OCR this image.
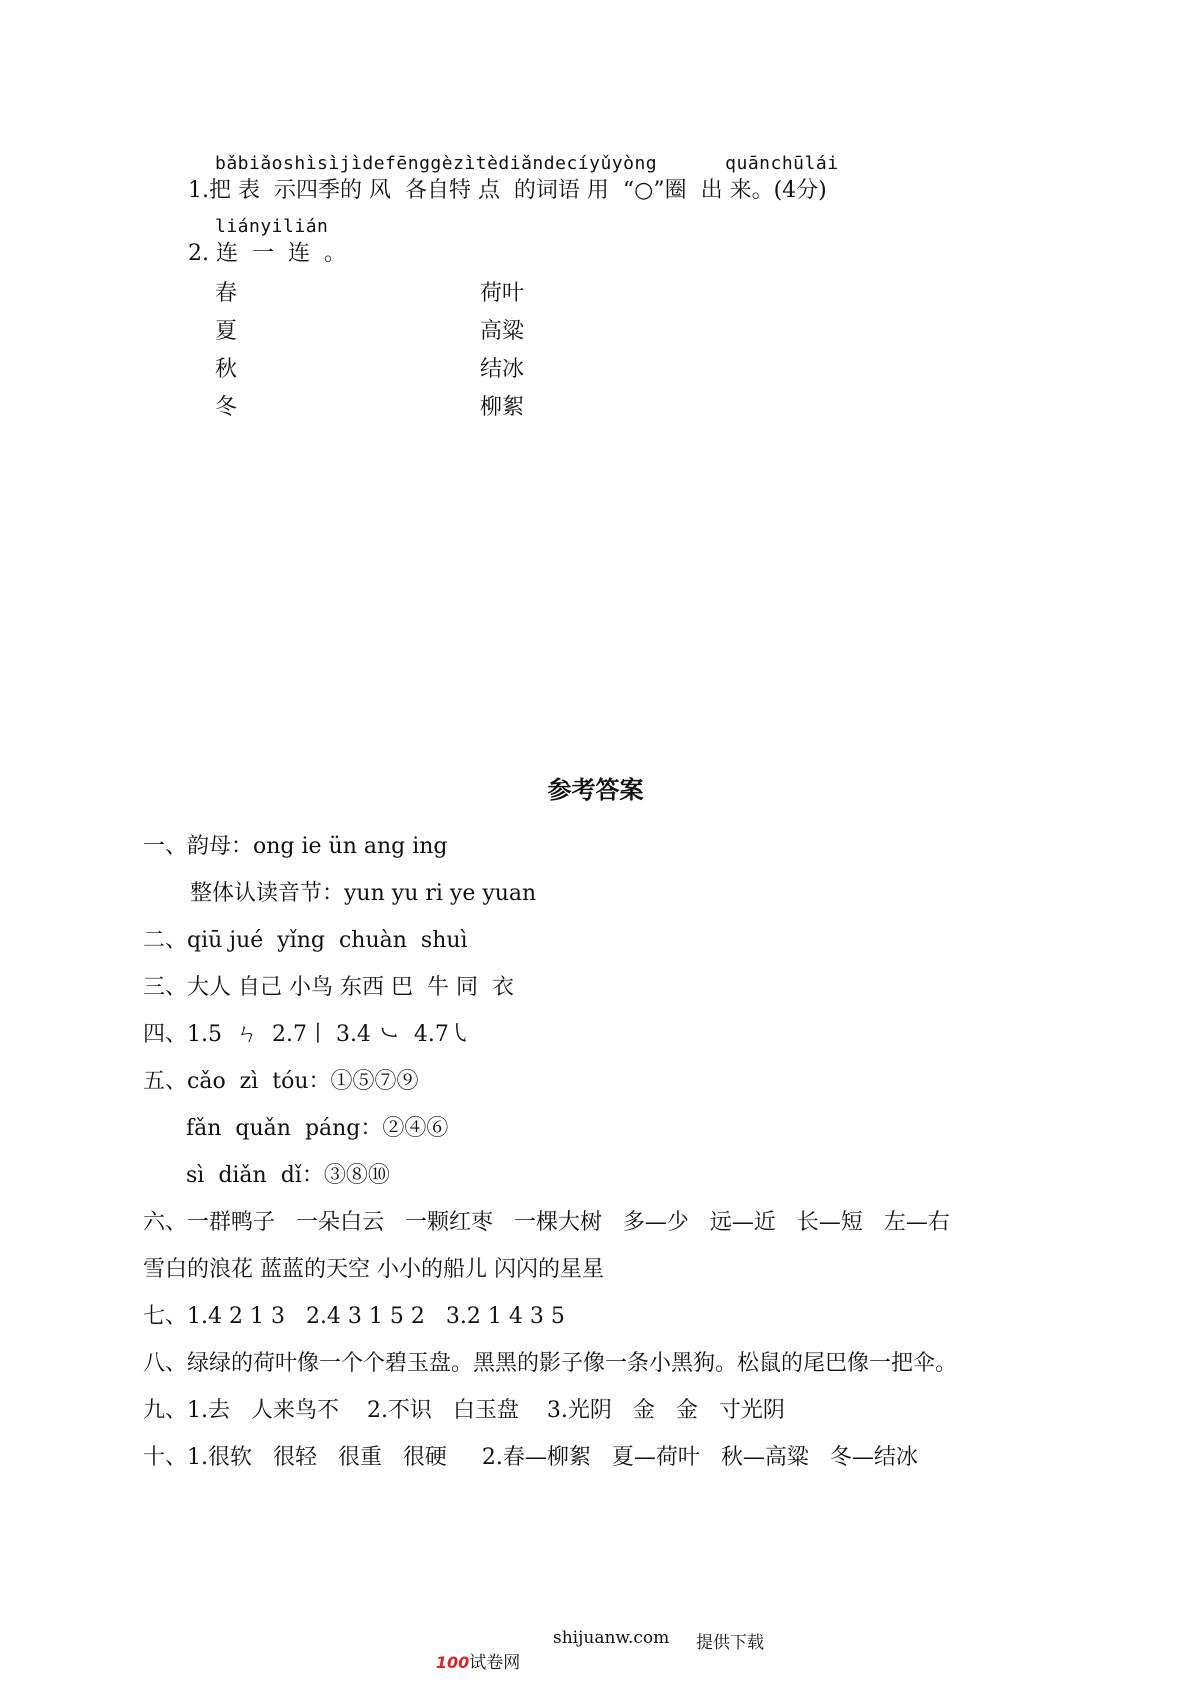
bǎbiǎoshìsìjìdefēnggèzìtèdiǎndecíyǔyòng      quānchūlái
1.把 表  示四季的 风  各自特 点  的词语 用  “○”圈  出 来。(4分)
liányilián
2. 连  一  连  。
春
夏
秋
冬
荷叶
高粱
结冰
柳絮
参考答案
一、韵母：ong ie ün ang ing
整体认读音节：yun yu ri ye yuan
二、qiū jué  yǐng  chuàn  shuì
三、大人 自己 小鸟 东西 巴  牛 同  衣
四、1.5  ㄣ  2.7丨 3.4 ㇃  4.7㇂
五、cǎo  zì  tóu：①⑤⑦⑨
fǎn  quǎn  páng：②④⑥
sì  diǎn  dǐ：③⑧⑩
六、一群鸭子   一朵白云   一颗红枣   一棵大树   多—少   远—近   长—短   左—右
雪白的浪花 蓝蓝的天空 小小的船儿 闪闪的星星
七、1.4 2 1 3   2.4 3 1 5 2   3.2 1 4 3 5
八、绿绿的荷叶像一个个碧玉盘。黑黑的影子像一条小黑狗。松鼠的尾巴像一把伞。
九、1.去   人来鸟不    2.不识   白玉盘    3.光阴   金   金   寸光阴
十、1.很软   很轻   很重   很硬     2.春—柳絮   夏—荷叶   秋—高粱   冬—结冰

100试卷网

shijuanw.com 提供下载
